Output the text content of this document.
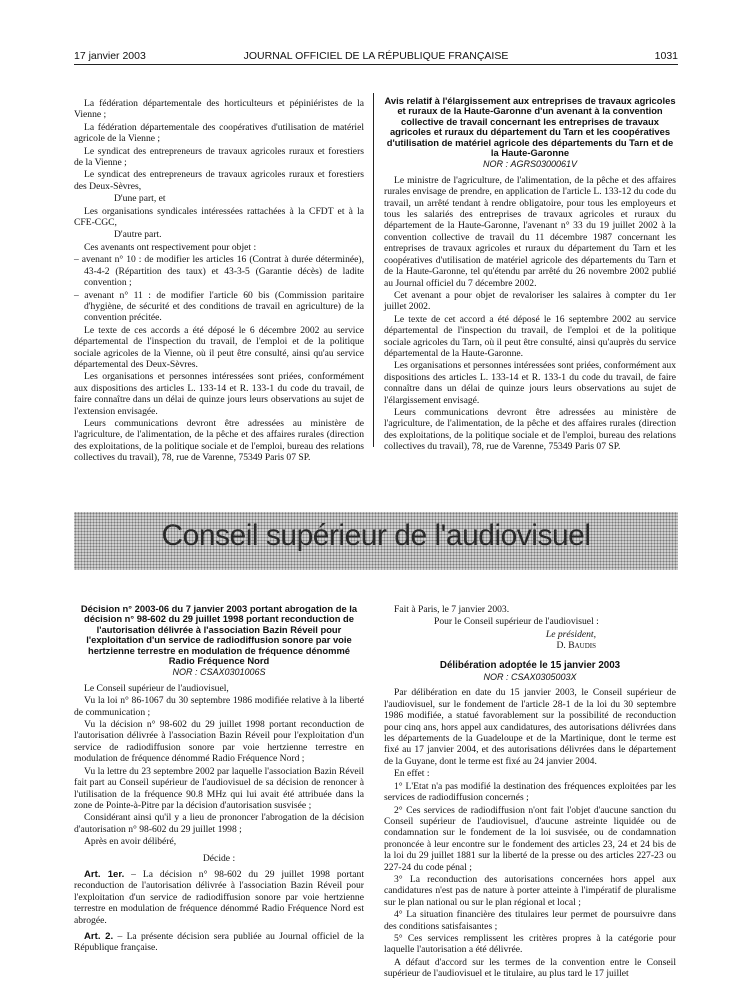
17 janvier 2003	JOURNAL OFFICIEL DE LA RÉPUBLIQUE FRANÇAISE	1031

La fédération départementale des horticulteurs et pépiniéristes de la Vienne ;

La fédération départementale des coopératives d'utilisation de matériel agricole de la Vienne ;

Le syndicat des entrepreneurs de travaux agricoles ruraux et forestiers de la Vienne ;

Le syndicat des entrepreneurs de travaux agricoles ruraux et forestiers des Deux-Sèvres,

D'une part, et

Les organisations syndicales intéressées rattachées à la CFDT et à la CFE-CGC,

D'autre part.

Ces avenants ont respectivement pour objet :

– avenant n° 10 : de modifier les articles 16 (Contrat à durée déterminée), 43-4-2 (Répartition des taux) et 43-3-5 (Garantie décès) de ladite convention ;

– avenant n° 11 : de modifier l'article 60 bis (Commission paritaire d'hygiène, de sécurité et des conditions de travail en agriculture) de la convention précitée.

Le texte de ces accords a été déposé le 6 décembre 2002 au service départemental de l'inspection du travail, de l'emploi et de la politique sociale agricoles de la Vienne, où il peut être consulté, ainsi qu'au service départemental des Deux-Sèvres.

Les organisations et personnes intéressées sont priées, conformément aux dispositions des articles L. 133-14 et R. 133-1 du code du travail, de faire connaître dans un délai de quinze jours leurs observations au sujet de l'extension envisagée.

Leurs communications devront être adressées au ministère de l'agriculture, de l'alimentation, de la pêche et des affaires rurales (direction des exploitations, de la politique sociale et de l'emploi, bureau des relations collectives du travail), 78, rue de Varenne, 75349 Paris 07 SP.

Avis relatif à l'élargissement aux entreprises de travaux agricoles et ruraux de la Haute-Garonne d'un avenant à la convention collective de travail concernant les entreprises de travaux agricoles et ruraux du département du Tarn et les coopératives d'utilisation de matériel agricole des départements du Tarn et de la Haute-Garonne
NOR : AGRS0300061V

Le ministre de l'agriculture, de l'alimentation, de la pêche et des affaires rurales envisage de prendre, en application de l'article L. 133-12 du code du travail, un arrêté tendant à rendre obligatoire, pour tous les employeurs et tous les salariés des entreprises de travaux agricoles et ruraux du département de la Haute-Garonne, l'avenant n° 33 du 19 juillet 2002 à la convention collective de travail du 11 décembre 1987 concernant les entreprises de travaux agricoles et ruraux du département du Tarn et les coopératives d'utilisation de matériel agricole des départements du Tarn et de la Haute-Garonne, tel qu'étendu par arrêté du 26 novembre 2002 publié au Journal officiel du 7 décembre 2002.

Cet avenant a pour objet de revaloriser les salaires à compter du 1er juillet 2002.

Le texte de cet accord a été déposé le 16 septembre 2002 au service départemental de l'inspection du travail, de l'emploi et de la politique sociale agricoles du Tarn, où il peut être consulté, ainsi qu'auprès du service départemental de la Haute-Garonne.

Les organisations et personnes intéressées sont priées, conformément aux dispositions des articles L. 133-14 et R. 133-1 du code du travail, de faire connaître dans un délai de quinze jours leurs observations au sujet de l'élargissement envisagé.

Leurs communications devront être adressées au ministère de l'agriculture, de l'alimentation, de la pêche et des affaires rurales (direction des exploitations, de la politique sociale et de l'emploi, bureau des relations collectives du travail), 78, rue de Varenne, 75349 Paris 07 SP.

Conseil supérieur de l'audiovisuel
Décision n° 2003-06 du 7 janvier 2003 portant abrogation de la décision n° 98-602 du 29 juillet 1998 portant reconduction de l'autorisation délivrée à l'association Bazin Réveil pour l'exploitation d'un service de radiodiffusion sonore par voie hertzienne terrestre en modulation de fréquence dénommé Radio Fréquence Nord
NOR : CSAX0301006S

Le Conseil supérieur de l'audiovisuel,

Vu la loi n° 86-1067 du 30 septembre 1986 modifiée relative à la liberté de communication ;

Vu la décision n° 98-602 du 29 juillet 1998 portant reconduction de l'autorisation délivrée à l'association Bazin Réveil pour l'exploitation d'un service de radiodiffusion sonore par voie hertzienne terrestre en modulation de fréquence dénommé Radio Fréquence Nord ;

Vu la lettre du 23 septembre 2002 par laquelle l'association Bazin Réveil fait part au Conseil supérieur de l'audiovisuel de sa décision de renoncer à l'utilisation de la fréquence 90.8 MHz qui lui avait été attribuée dans la zone de Pointe-à-Pitre par la décision d'autorisation susvisée ;

Considérant ainsi qu'il y a lieu de prononcer l'abrogation de la décision d'autorisation n° 98-602 du 29 juillet 1998 ;

Après en avoir délibéré,

Décide :

Art. 1er. – La décision n° 98-602 du 29 juillet 1998 portant reconduction de l'autorisation délivrée à l'association Bazin Réveil pour l'exploitation d'un service de radiodiffusion sonore par voie hertzienne terrestre en modulation de fréquence dénommé Radio Fréquence Nord est abrogée.

Art. 2. – La présente décision sera publiée au Journal officiel de la République française.

Fait à Paris, le 7 janvier 2003.

Pour le Conseil supérieur de l'audiovisuel :

Le président,
D. Baudis
Délibération adoptée le 15 janvier 2003
NOR : CSAX0305003X

Par délibération en date du 15 janvier 2003, le Conseil supérieur de l'audiovisuel, sur le fondement de l'article 28-1 de la loi du 30 septembre 1986 modifiée, a statué favorablement sur la possibilité de reconduction pour cinq ans, hors appel aux candidatures, des autorisations délivrées dans les départements de la Guadeloupe et de la Martinique, dont le terme est fixé au 17 janvier 2004, et des autorisations délivrées dans le département de la Guyane, dont le terme est fixé au 24 janvier 2004.

En effet :

1° L'Etat n'a pas modifié la destination des fréquences exploitées par les services de radiodiffusion concernés ;

2° Ces services de radiodiffusion n'ont fait l'objet d'aucune sanction du Conseil supérieur de l'audiovisuel, d'aucune astreinte liquidée ou de condamnation sur le fondement de la loi susvisée, ou de condamnation prononcée à leur encontre sur le fondement des articles 23, 24 et 24 bis de la loi du 29 juillet 1881 sur la liberté de la presse ou des articles 227-23 ou 227-24 du code pénal ;

3° La reconduction des autorisations concernées hors appel aux candidatures n'est pas de nature à porter atteinte à l'impératif de pluralisme sur le plan national ou sur le plan régional et local ;

4° La situation financière des titulaires leur permet de poursuivre dans des conditions satisfaisantes ;

5° Ces services remplissent les critères propres à la catégorie pour laquelle l'autorisation a été délivrée.

A défaut d'accord sur les termes de la convention entre le Conseil supérieur de l'audiovisuel et le titulaire, au plus tard le 17 juillet
